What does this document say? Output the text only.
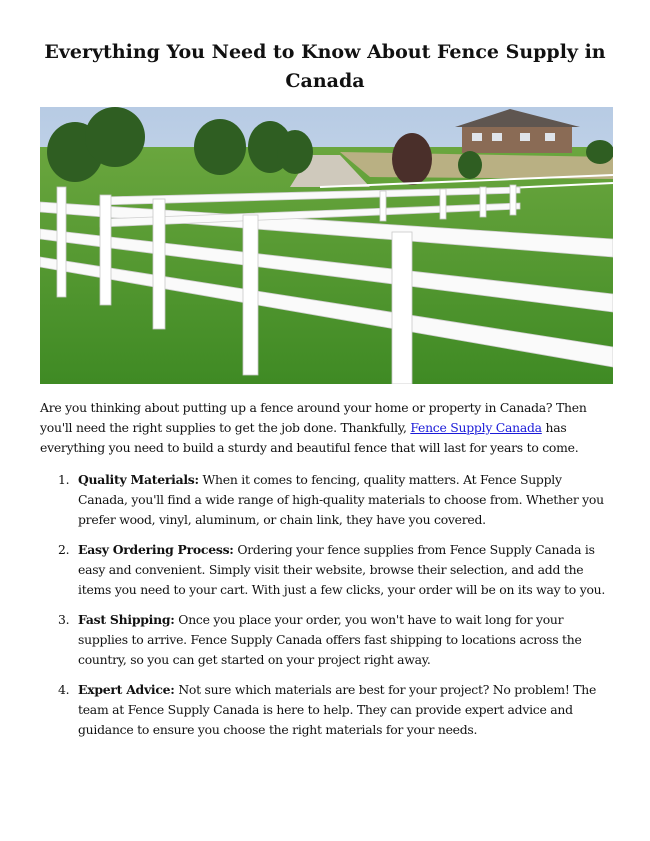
Everything You Need to Know About Fence Supply in Canada

Are you thinking about putting up a fence around your home or property in Canada? Then you'll need the right supplies to get the job done. Thankfully, Fence Supply Canada has everything you need to build a sturdy and beautiful fence that will last for years to come.

1. Quality Materials: When it comes to fencing, quality matters. At Fence Supply Canada, you'll find a wide range of high-quality materials to choose from. Whether you prefer wood, vinyl, aluminum, or chain link, they have you covered.
2. Easy Ordering Process: Ordering your fence supplies from Fence Supply Canada is easy and convenient. Simply visit their website, browse their selection, and add the items you need to your cart. With just a few clicks, your order will be on its way to you.
3. Fast Shipping: Once you place your order, you won't have to wait long for your supplies to arrive. Fence Supply Canada offers fast shipping to locations across the country, so you can get started on your project right away.
4. Expert Advice: Not sure which materials are best for your project? No problem! The team at Fence Supply Canada is here to help. They can provide expert advice and guidance to ensure you choose the right materials for your needs.
